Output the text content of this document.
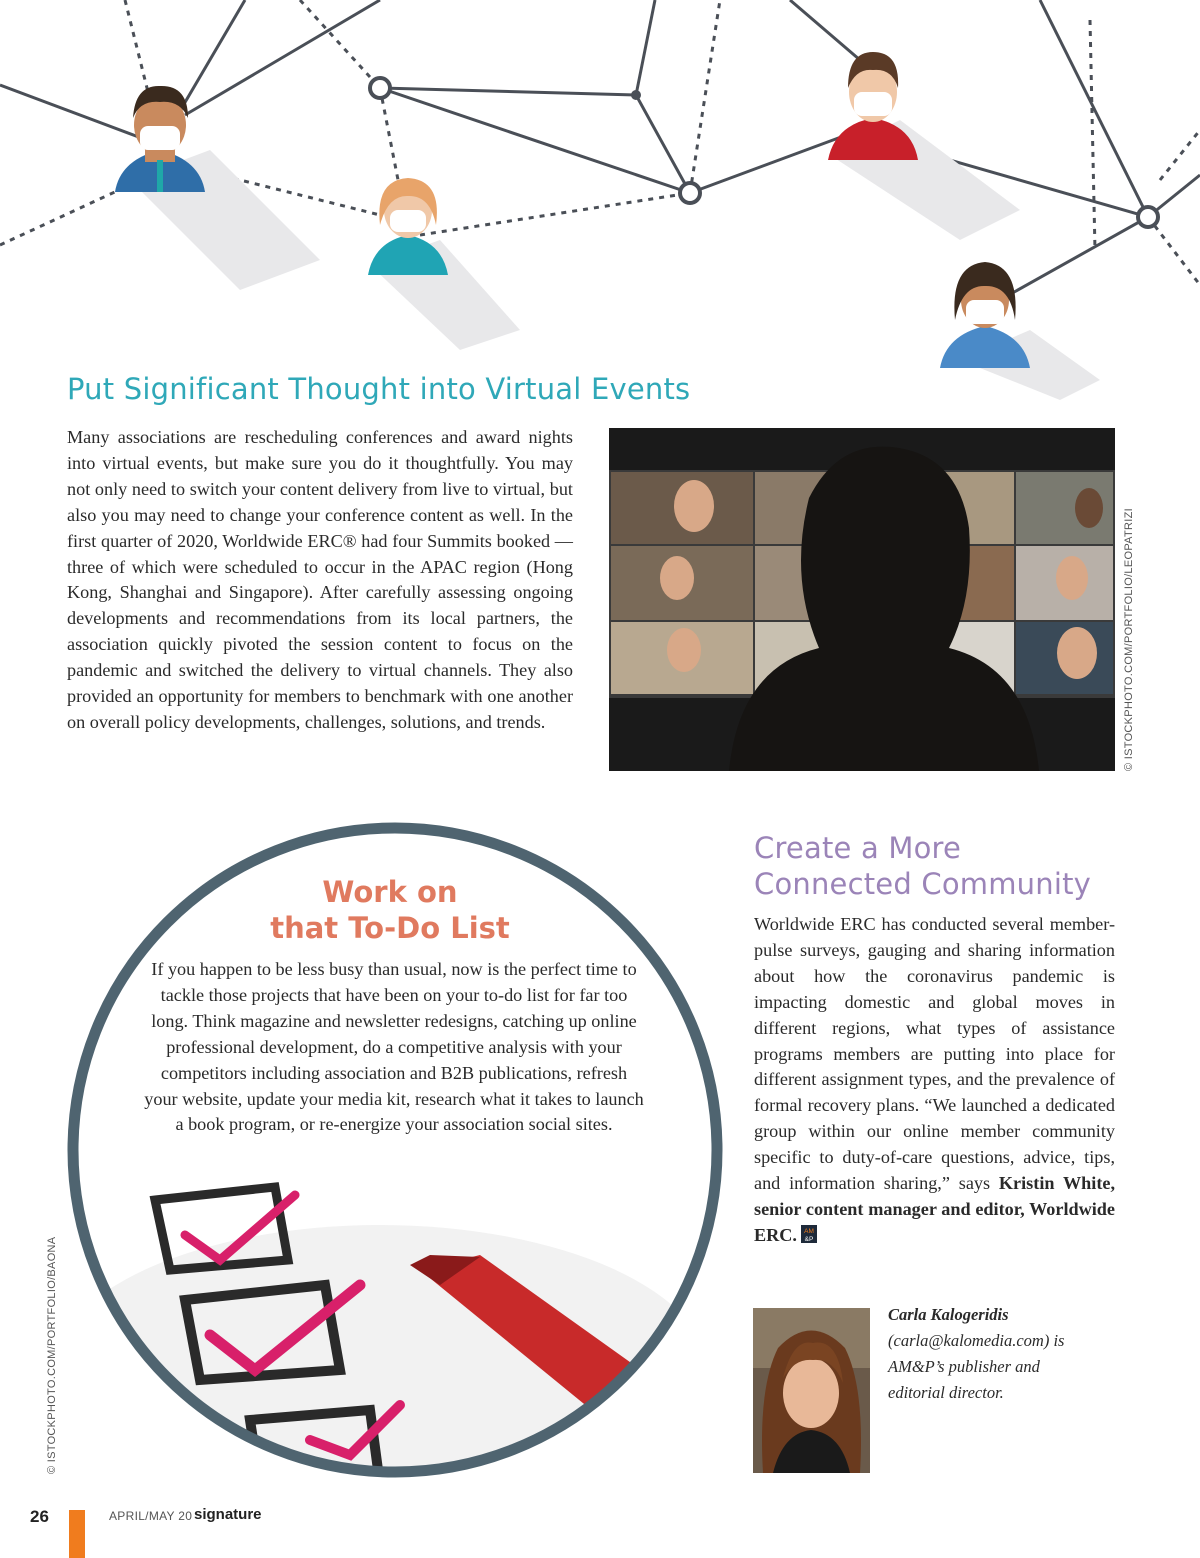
Put Significant Thought into Virtual Events

Many associations are rescheduling conferences and award nights into virtual events, but make sure you do it thoughtfully. You may not only need to switch your content delivery from live to virtual, but also you may need to change your conference content as well. In the first quarter of 2020, Worldwide ERC® had four Summits booked — three of which were scheduled to occur in the APAC region (Hong Kong, Shanghai and Singapore). After carefully assessing ongoing developments and recommendations from its local partners, the association quickly pivoted the session content to focus on the pandemic and switched the delivery to virtual channels. They also provided an opportunity for members to benchmark with one another on overall policy developments, challenges, solutions, and trends.	© ISTOCKPHOTO.COM/PORTFOLIO/LEOPATRIZI
© ISTOCKPHOTO.COM/PORTFOLIO/BAONA
Work on
that To-Do List

If you happen to be less busy than usual, now is the perfect time to tackle those projects that have been on your to-do list for far too long. Think magazine and newsletter redesigns, catching up online professional development, do a competitive analysis with your competitors including association and B2B publications, refresh your website, update your media kit, research what it takes to launch a book program, or re-energize your association social sites.

Create a More
Connected Community

Worldwide ERC has conducted several member-pulse surveys, gauging and sharing information about how the coronavirus pandemic is impacting domestic and global moves in different regions, what types of assistance programs members are putting into place for different assignment types, and the prevalence of formal recovery plans. “We launched a dedicated group within our online member community specific to duty-of-care questions, advice, tips, and information sharing,” says Kristin White, senior content manager and editor, Worldwide ERC. AM
&P

Carla Kalogeridis
(carla@kalomedia.com) is AM&P’s publisher and editorial director.

26	APRIL/MAY 20 signature
